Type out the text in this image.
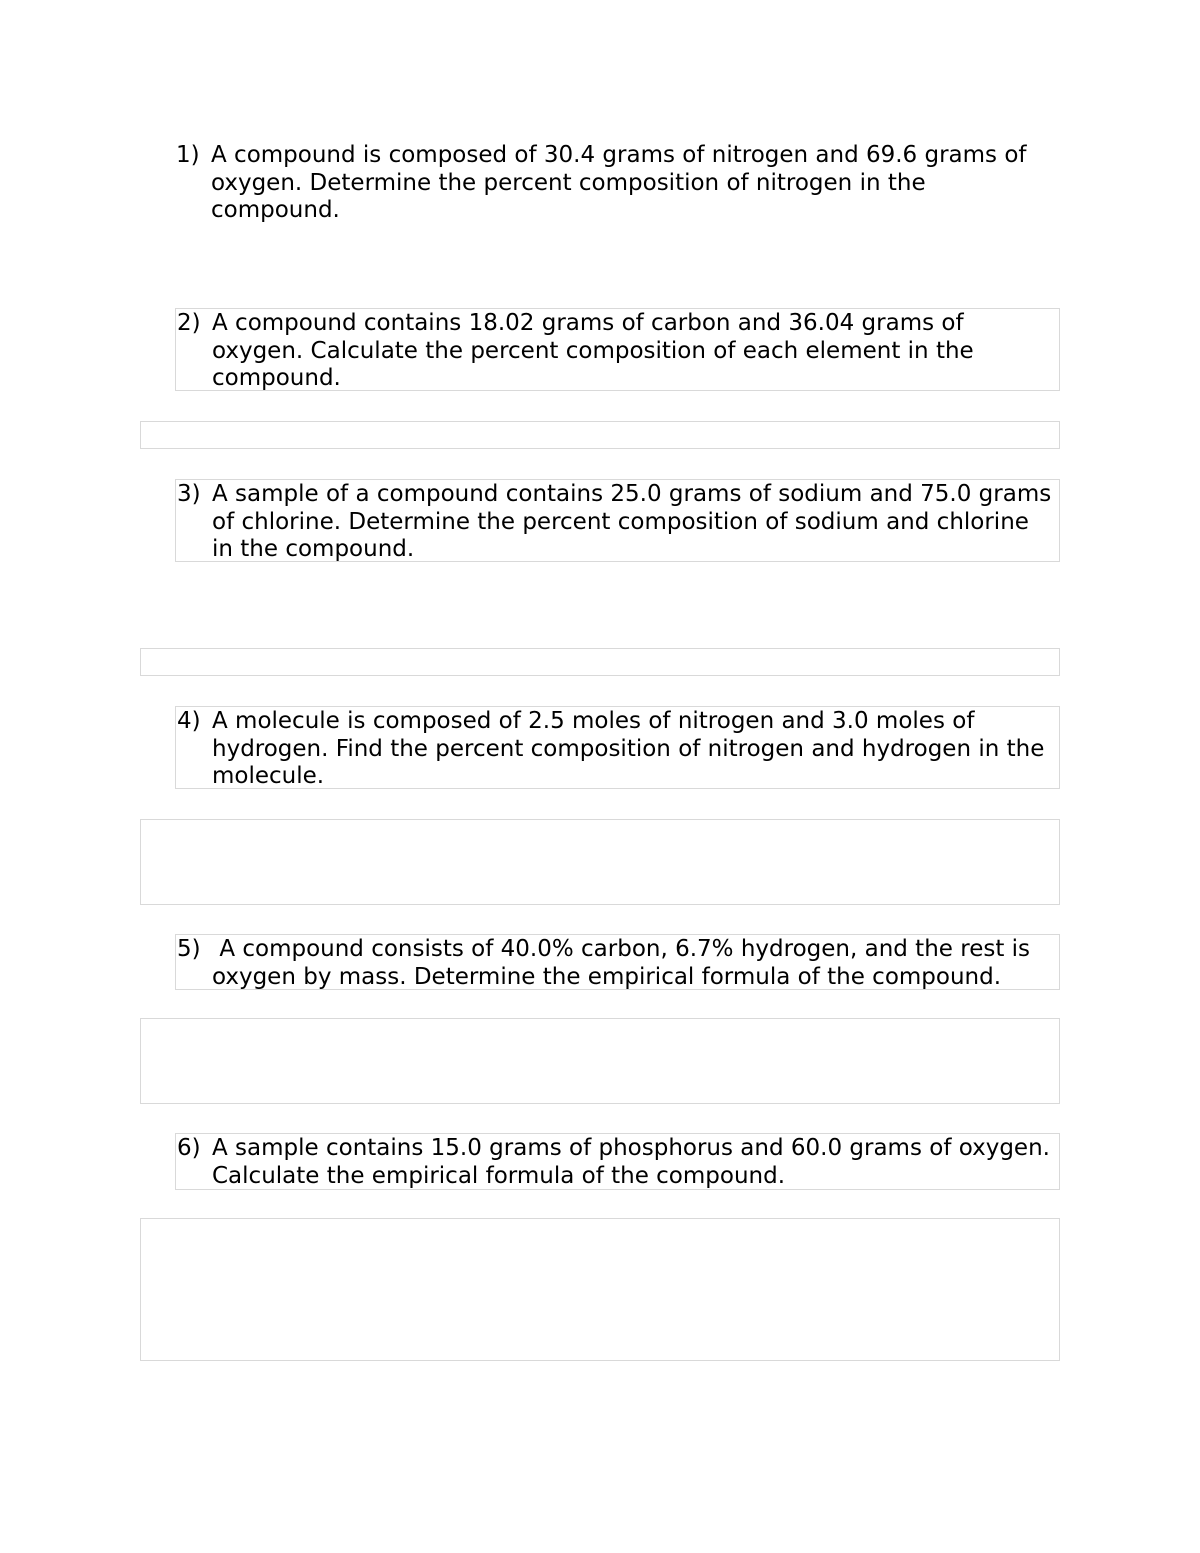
1) A compound is composed of 30.4 grams of nitrogen and 69.6 grams of oxygen. Determine the percent composition of nitrogen in the compound.
2) A compound contains 18.02 grams of carbon and 36.04 grams of oxygen. Calculate the percent composition of each element in the compound.
3) A sample of a compound contains 25.0 grams of sodium and 75.0 grams of chlorine. Determine the percent composition of sodium and chlorine in the compound.
4) A molecule is composed of 2.5 moles of nitrogen and 3.0 moles of hydrogen. Find the percent composition of nitrogen and hydrogen in the molecule.
5) A compound consists of 40.0% carbon, 6.7% hydrogen, and the rest is oxygen by mass. Determine the empirical formula of the compound.
6) A sample contains 15.0 grams of phosphorus and 60.0 grams of oxygen. Calculate the empirical formula of the compound.
